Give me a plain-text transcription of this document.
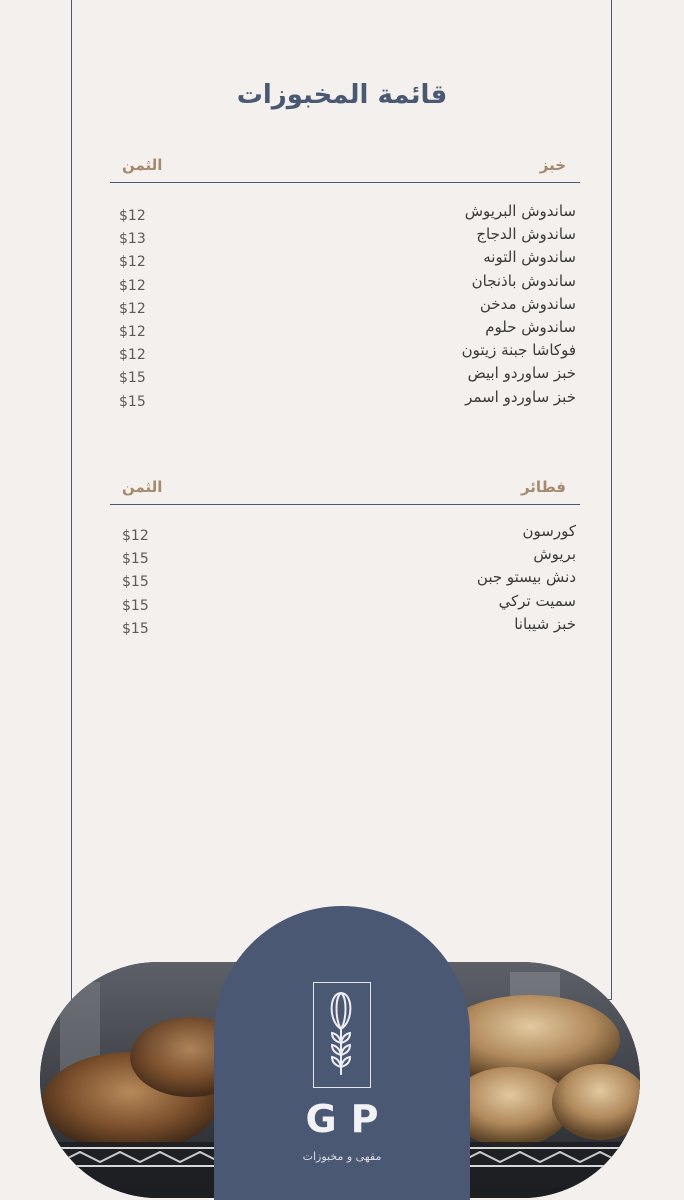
قائمة المخبوزات
خبز
الثمن
ساندوش البريوش
$12
ساندوش الدجاج
$13
ساندوش التونه
$12
ساندوش باذنجان
$12
ساندوش مدخن
$12
ساندوش حلوم
$12
فوكاشا جبنة زيتون
$12
خبز ساوردو ابيض
$15
خبز ساوردو اسمر
$15
فطائر
الثمن
كورسون
$12
بريوش
$15
دنش بيستو جبن
$15
سميت تركي
$15
خبز شيبانا
$15
GP
مقهى و مخبوزات
